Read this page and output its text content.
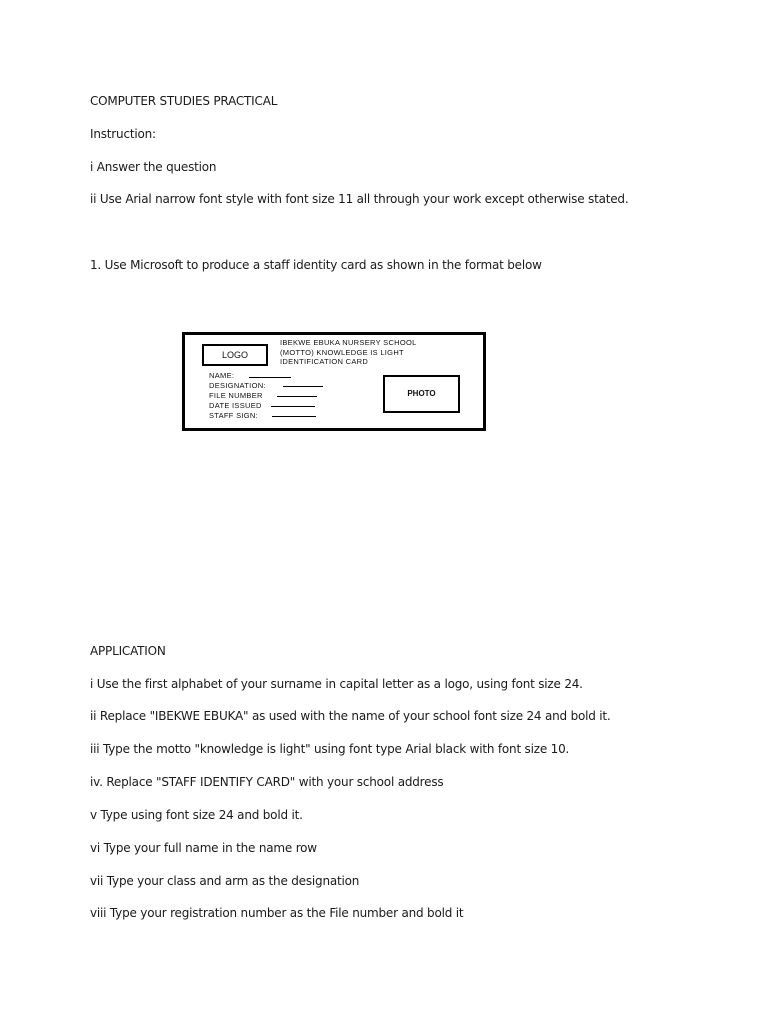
COMPUTER STUDIES PRACTICAL
Instruction:
i Answer the question
ii Use Arial narrow font style with font size 11 all through your work except otherwise stated.
1. Use Microsoft to produce a staff identity card as shown in the format below
LOGO
IBEKWE EBUKA NURSERY SCHOOL
(MOTTO) KNOWLEDGE IS LIGHT
IDENTIFICATION CARD
NAME:
DESIGNATION:
FILE NUMBER
DATE ISSUED
STAFF SIGN:
PHOTO
APPLICATION
i Use the first alphabet of your surname in capital letter as a logo, using font size 24.
ii Replace "IBEKWE EBUKA" as used with the name of your school font size 24 and bold it.
iii Type the motto "knowledge is light" using font type Arial black with font size 10.
iv. Replace "STAFF IDENTIFY CARD" with your school address
v Type using font size 24 and bold it.
vi Type your full name in the name row
vii Type your class and arm as the designation
viii Type your registration number as the File number and bold it
